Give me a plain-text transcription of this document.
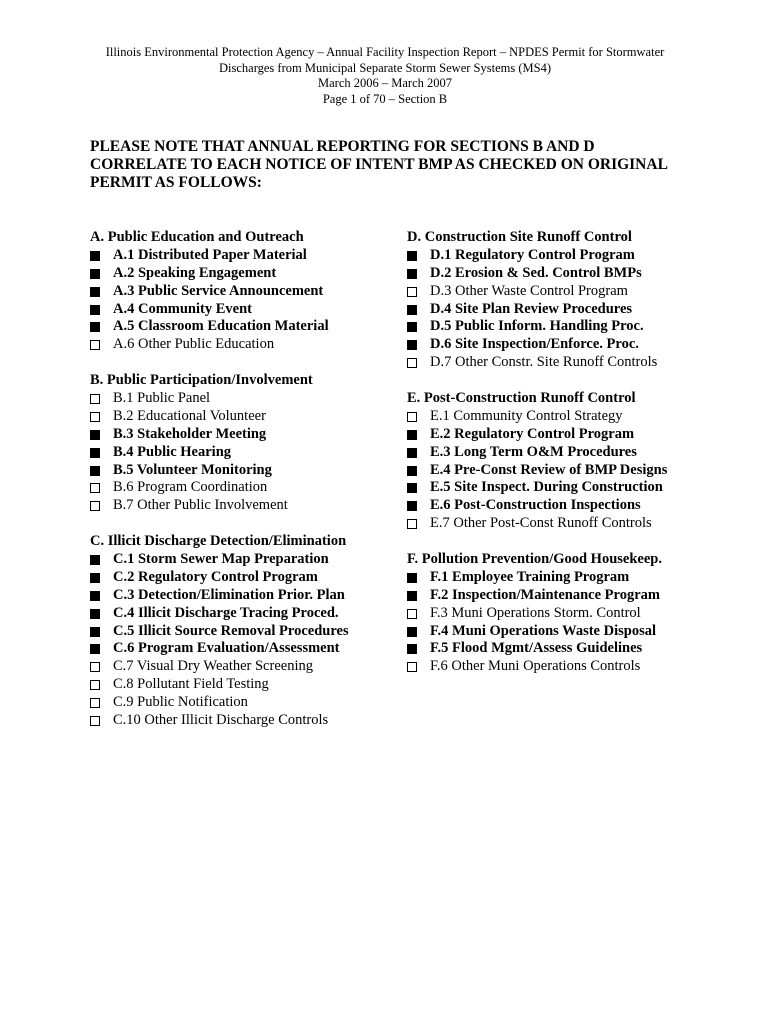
Illinois Environmental Protection Agency – Annual Facility Inspection Report – NPDES Permit for Stormwater
Discharges from Municipal Separate Storm Sewer Systems (MS4)
March 2006 – March 2007
Page 1 of 70 – Section B
PLEASE NOTE THAT ANNUAL REPORTING FOR SECTIONS B AND D
CORRELATE TO EACH NOTICE OF INTENT BMP AS CHECKED ON ORIGINAL
PERMIT AS FOLLOWS:
A. Public Education and Outreach
A.1 Distributed Paper Material
A.2 Speaking Engagement
A.3 Public Service Announcement
A.4 Community Event
A.5 Classroom Education Material
A.6 Other Public Education
B. Public Participation/Involvement
B.1 Public Panel
B.2 Educational Volunteer
B.3 Stakeholder Meeting
B.4 Public Hearing
B.5 Volunteer Monitoring
B.6 Program Coordination
B.7 Other Public Involvement
C. Illicit Discharge Detection/Elimination
C.1 Storm Sewer Map Preparation
C.2 Regulatory Control Program
C.3 Detection/Elimination Prior. Plan
C.4 Illicit Discharge Tracing Proced.
C.5 Illicit Source Removal Procedures
C.6 Program Evaluation/Assessment
C.7 Visual Dry Weather Screening
C.8 Pollutant Field Testing
C.9 Public Notification
C.10 Other Illicit Discharge Controls
D. Construction Site Runoff Control
D.1 Regulatory Control Program
D.2 Erosion & Sed. Control BMPs
D.3 Other Waste Control Program
D.4 Site Plan Review Procedures
D.5 Public Inform. Handling Proc.
D.6 Site Inspection/Enforce. Proc.
D.7 Other Constr. Site Runoff Controls
E. Post-Construction Runoff Control
E.1 Community Control Strategy
E.2 Regulatory Control Program
E.3 Long Term O&M Procedures
E.4 Pre-Const Review of BMP Designs
E.5 Site Inspect. During Construction
E.6 Post-Construction Inspections
E.7 Other Post-Const Runoff Controls
F. Pollution Prevention/Good Housekeep.
F.1 Employee Training Program
F.2 Inspection/Maintenance Program
F.3 Muni Operations Storm. Control
F.4 Muni Operations Waste Disposal
F.5 Flood Mgmt/Assess Guidelines
F.6 Other Muni Operations Controls
